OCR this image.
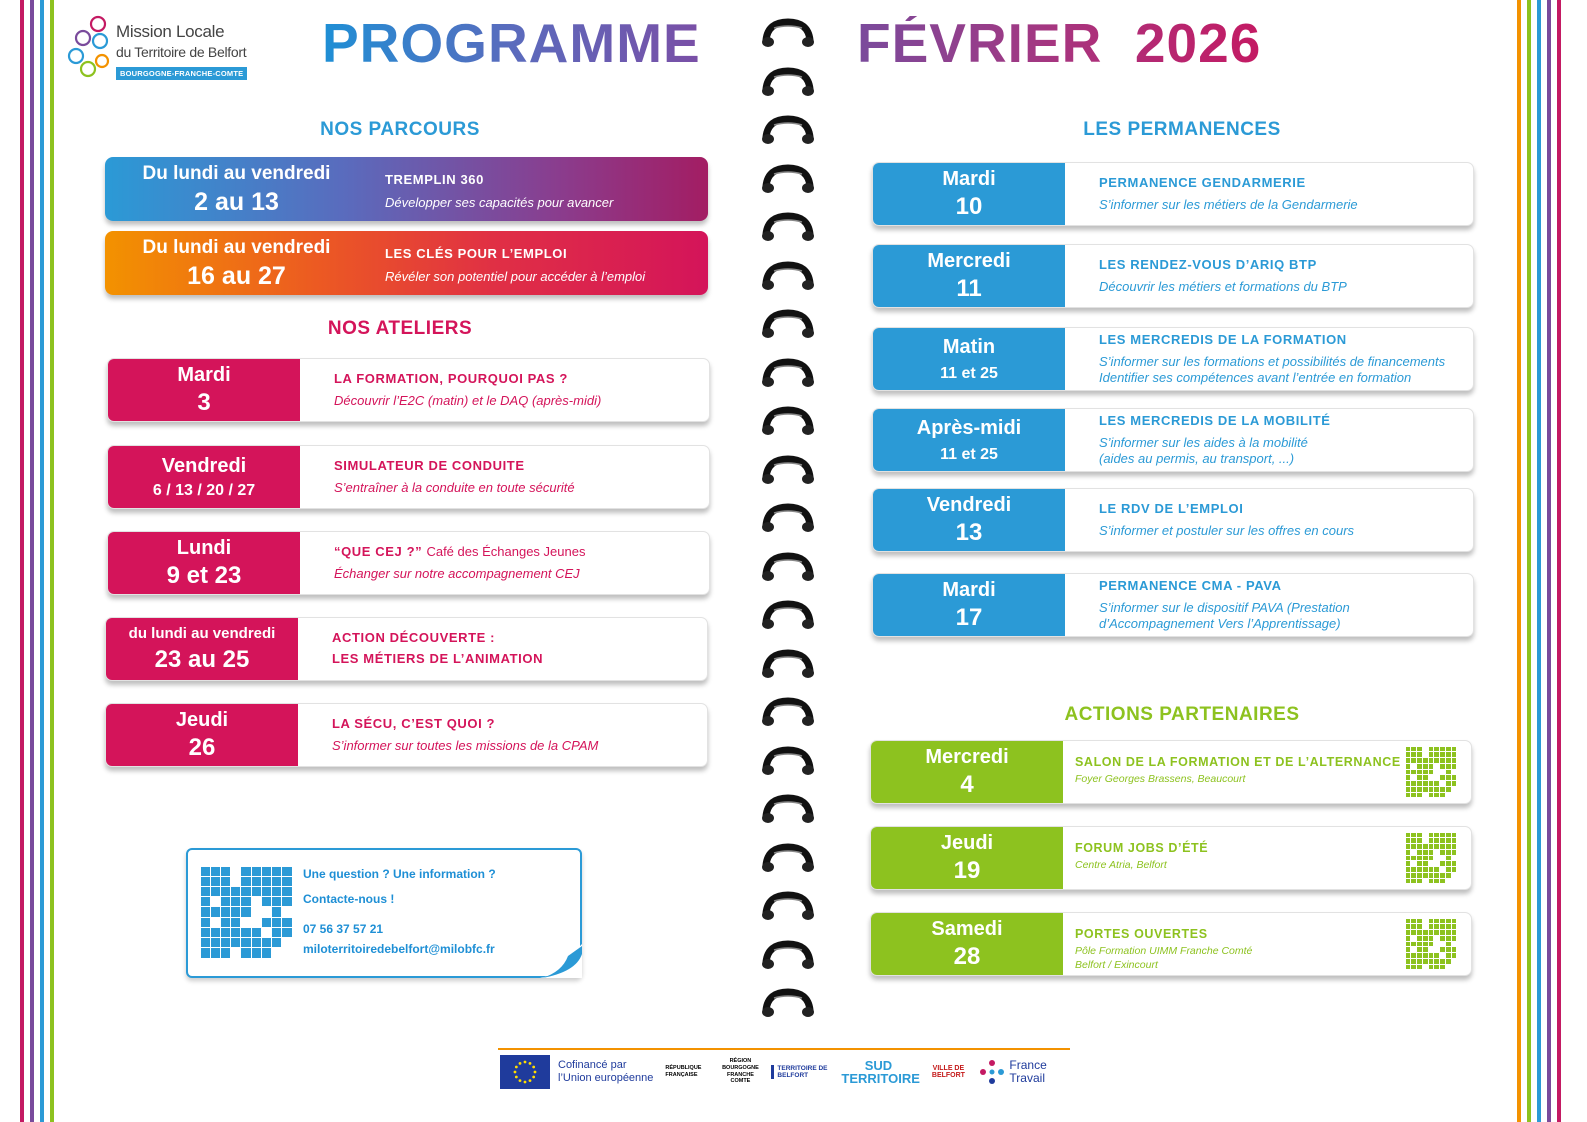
Mission Locale
du Territoire de Belfort
BOURGOGNE-FRANCHE-COMTE PROGRAMME	FÉVRIER  2026
NOS PARCOURS
Du lundi au vendredi
2 au 13
TREMPLIN 360
Développer ses capacités pour avancer
Du lundi au vendredi
16 au 27
LES CLÉS POUR L’EMPLOI
Révéler son potentiel pour accéder à l’emploi
NOS ATELIERS
Mardi
3
LA FORMATION, POURQUOI PAS ?
Découvrir l’E2C (matin) et le DAQ (après-midi)
Vendredi
6 / 13 / 20 / 27
SIMULATEUR DE CONDUITE
S’entraîner à la conduite en toute sécurité
Lundi
9 et 23
“QUE CEJ ?” Café des Échanges Jeunes
Échanger sur notre accompagnement CEJ
du lundi au vendredi
23 au 25
ACTION DÉCOUVERTE :
LES MÉTIERS DE L’ANIMATION
Jeudi
26
LA SÉCU, C’EST QUOI ?
S’informer sur toutes les missions de la CPAM
Une question ? Une information ?
Contacte-nous !
07 56 37 57 21
miloterritoiredebelfort@milobfc.fr
LES PERMANENCES
Mardi
10
PERMANENCE GENDARMERIE
S’informer sur les métiers de la Gendarmerie
Mercredi
11
LES RENDEZ-VOUS D’ARIQ BTP
Découvrir les métiers et formations du BTP
Matin
11 et 25
LES MERCREDIS DE LA FORMATION
S’informer sur les formations et possibilités de financements
Identifier ses compétences avant l’entrée en formation
Après-midi
11 et 25
LES MERCREDIS DE LA MOBILITÉ
S’informer sur les aides à la mobilité
(aides au permis, au transport, ...)
Vendredi
13
LE RDV DE L’EMPLOI
S’informer et postuler sur les offres en cours
Mardi
17
PERMANENCE CMA - PAVA
S’informer sur le dispositif PAVA (Prestation
d’Accompagnement Vers l’Apprentissage)
ACTIONS PARTENAIRES
Mercredi
4
SALON DE LA FORMATION ET DE L’ALTERNANCE
Foyer Georges Brassens, Beaucourt
Jeudi
19
FORUM JOBS D’ÉTÉ
Centre Atria, Belfort
Samedi
28
PORTES OUVERTES
Pôle Formation UIMM Franche Comté
Belfort / Exincourt
Cofinancé par
l’Union européenne
RÉPUBLIQUE FRANÇAISE
RÉGION BOURGOGNE FRANCHE COMTE
TERRITOIRE DE BELFORT
SUD TERRITOIRE
VILLE DE BELFORT
France
Travail
